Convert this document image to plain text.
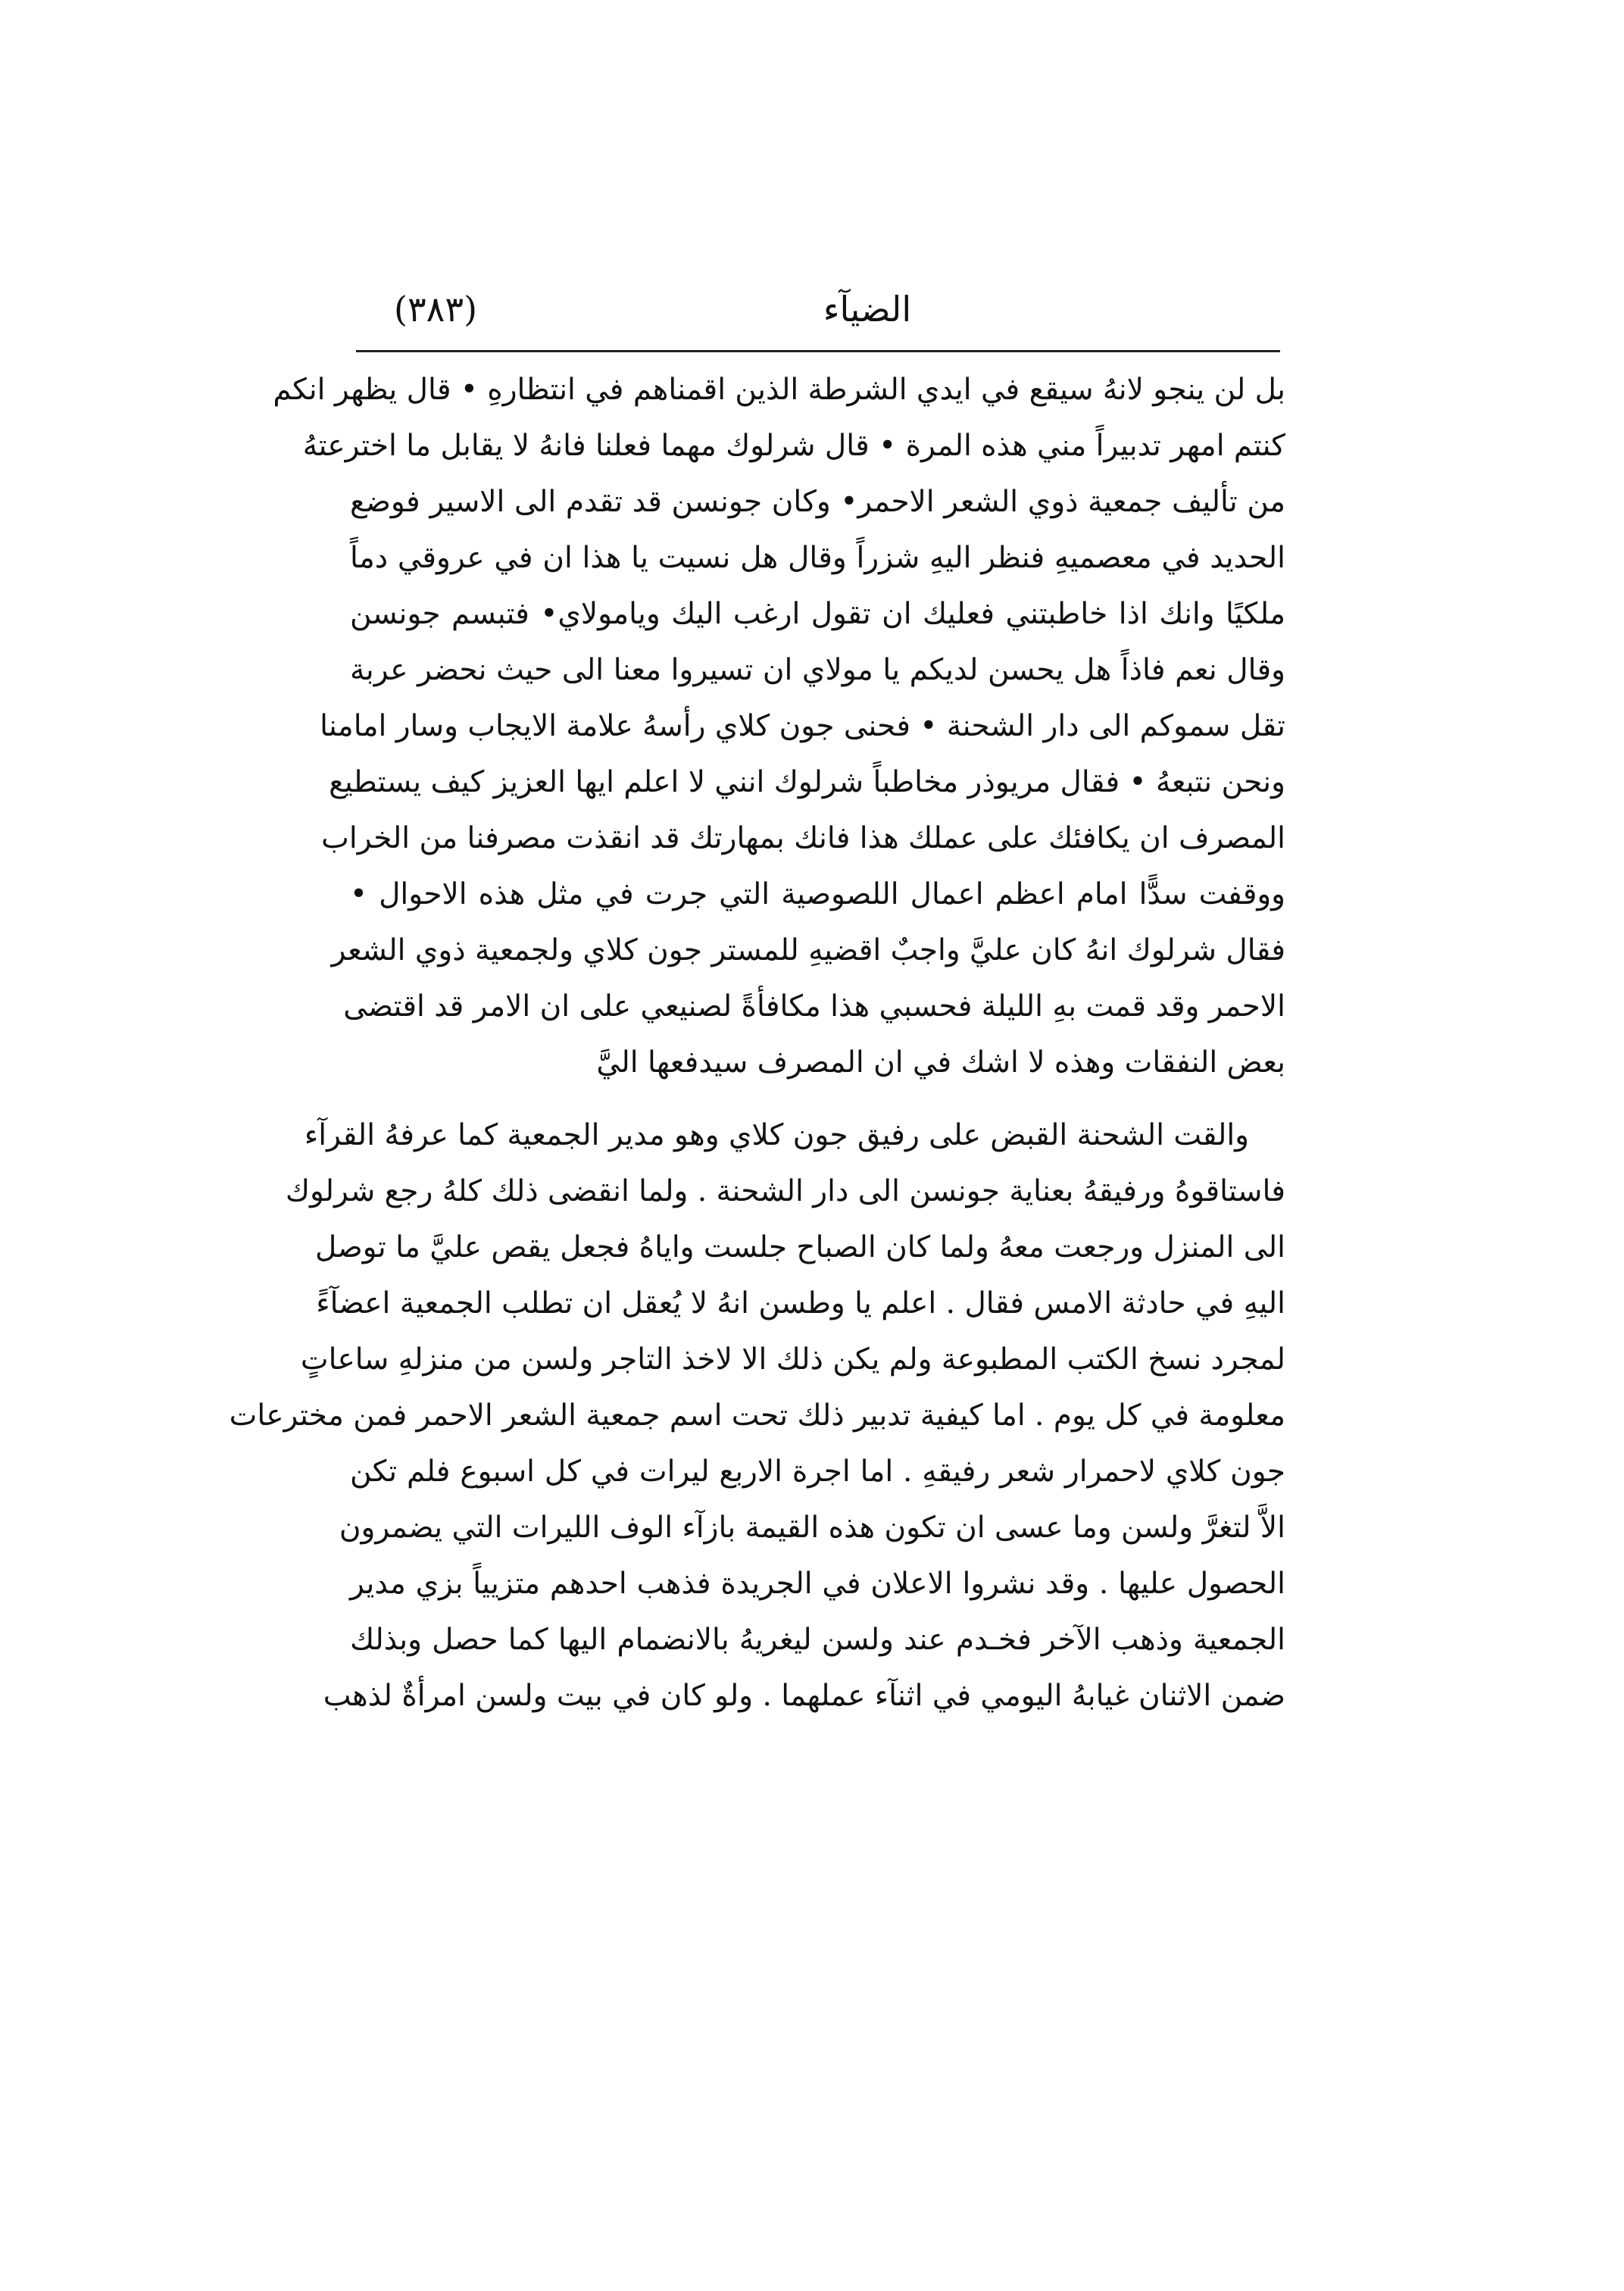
(٣٨٣)	الضيآء
بل لن ينجو لانهُ سيقع في ايدي الشرطة الذين اقمناهم في انتظارهِ • قال يظهر انكم
كنتم امهر تدبيراً مني هذه المرة • قال شرلوك مهما فعلنا فانهُ لا يقابل ما اخترعتهُ
من تأليف جمعية ذوي الشعر الاحمر• وكان جونسن قد تقدم الى الاسير فوضع
الحديد في معصميهِ فنظر اليهِ شزراً وقال هل نسيت يا هذا ان في عروقي دماً
ملكيًا وانك اذا خاطبتني فعليك ان تقول ارغب اليك ويامولاي• فتبسم جونسن
وقال نعم فاذاً هل يحسن لديكم يا مولاي ان تسيروا معنا الى حيث نحضر عربة
تقل سموكم الى دار الشحنة • فحنى جون كلاي رأسهُ علامة الايجاب وسار امامنا
ونحن نتبعهُ • فقال مريوذر مخاطباً شرلوك انني لا اعلم ايها العزيز كيف يستطيع
المصرف ان يكافئك على عملك هذا فانك بمهارتك قد انقذت مصرفنا من الخراب
ووقفت سدًّا امام اعظم اعمال اللصوصية التي جرت في مثل هذه الاحوال •
فقال شرلوك انهُ كان عليَّ واجبٌ اقضيهِ للمستر جون كلاي ولجمعية ذوي الشعر
الاحمر وقد قمت بهِ الليلة فحسبي هذا مكافأةً لصنيعي على ان الامر قد اقتضى
بعض النفقات وهذه لا اشك في ان المصرف سيدفعها اليَّ
والقت الشحنة القبض على رفيق جون كلاي وهو مدير الجمعية كما عرفهُ القرآء
فاستاقوهُ ورفيقهُ بعناية جونسن الى دار الشحنة . ولما انقضى ذلك كلهُ رجع شرلوك
الى المنزل ورجعت معهُ ولما كان الصباح جلست واياهُ فجعل يقص عليَّ ما توصل
اليهِ في حادثة الامس فقال . اعلم يا وطسن انهُ لا يُعقل ان تطلب الجمعية اعضآءً
لمجرد نسخ الكتب المطبوعة ولم يكن ذلك الا لاخذ التاجر ولسن من منزلهِ ساعاتٍ
معلومة في كل يوم . اما كيفية تدبير ذلك تحت اسم جمعية الشعر الاحمر فمن مخترعات
جون كلاي لاحمرار شعر رفيقهِ . اما اجرة الاربع ليرات في كل اسبوع فلم تكن
الاَّ لتغرَّ ولسن وما عسى ان تكون هذه القيمة بازآء الوف الليرات التي يضمرون
الحصول عليها . وقد نشروا الاعلان في الجريدة فذهب احدهم متزيياً بزي مدير
الجمعية وذهب الآخر فخـدم عند ولسن ليغريهُ بالانضمام اليها كما حصل وبذلك
ضمن الاثنان غيابهُ اليومي في اثنآء عملهما . ولو كان في بيت ولسن امرأةٌ لذهب
